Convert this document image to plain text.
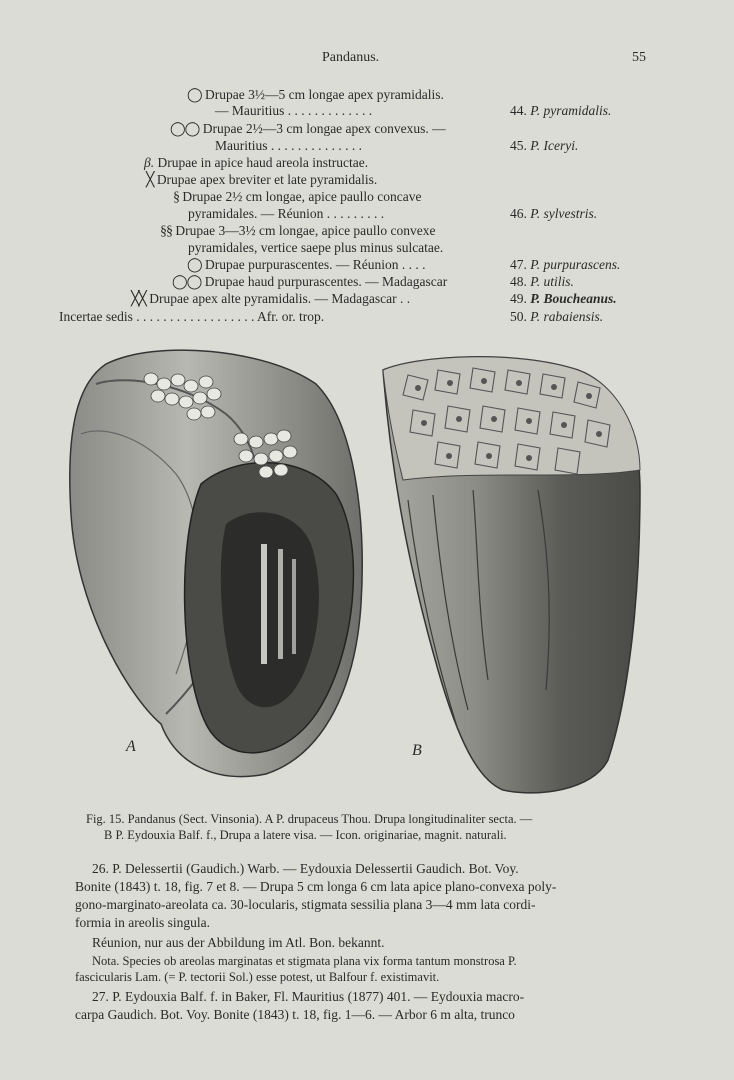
Pandanus.	55
◯ Drupae 3½—5 cm longae apex pyramidalis.
— Mauritius . . . . . . . . . . . . .	44. P. pyramidalis.
◯◯ Drupae 2½—3 cm longae apex convexus. —
Mauritius . . . . . . . . . . . . . .	45. P. Iceryi.
β. Drupae in apice haud areola instructae.
╳ Drupae apex breviter et late pyramidalis.
§ Drupae 2½ cm longae, apice paullo concave
pyramidales. — Réunion . . . . . . . . .	46. P. sylvestris.
§§ Drupae 3—3½ cm longae, apice paullo convexe
pyramidales, vertice saepe plus minus sulcatae.
◯ Drupae purpurascentes. — Réunion . . . .	47. P. purpurascens.
◯◯ Drupae haud purpurascentes. — Madagascar	48. P. utilis.
╳╳ Drupae apex alte pyramidalis. — Madagascar . .	49. P. Boucheanus.
Incertae sedis . . . . . . . . . . . . . . . . . . Afr. or. trop.	50. P. rabaiensis.
A	B
Fig. 15. Pandanus (Sect. Vinsonia). A P. drupaceus Thou. Drupa longitudinaliter secta. —
B P. Eydouxia Balf. f., Drupa a latere visa. — Icon. originariae, magnit. naturali.
26. P. Delessertii (Gaudich.) Warb. — Eydouxia Delessertii Gaudich. Bot. Voy.
Bonite (1843) t. 18, fig. 7 et 8. — Drupa 5 cm longa 6 cm lata apice plano-convexa poly-
gono-marginato-areolata ca. 30-locularis, stigmata sessilia plana 3—4 mm lata cordi-
formia in areolis singula.
Réunion, nur aus der Abbildung im Atl. Bon. bekannt.
Nota. Species ob areolas marginatas et stigmata plana vix forma tantum monstrosa P.
fascicularis Lam. (= P. tectorii Sol.) esse potest, ut Balfour f. existimavit.
27. P. Eydouxia Balf. f. in Baker, Fl. Mauritius (1877) 401. — Eydouxia macro-
carpa Gaudich. Bot. Voy. Bonite (1843) t. 18, fig. 1—6. — Arbor 6 m alta, trunco
